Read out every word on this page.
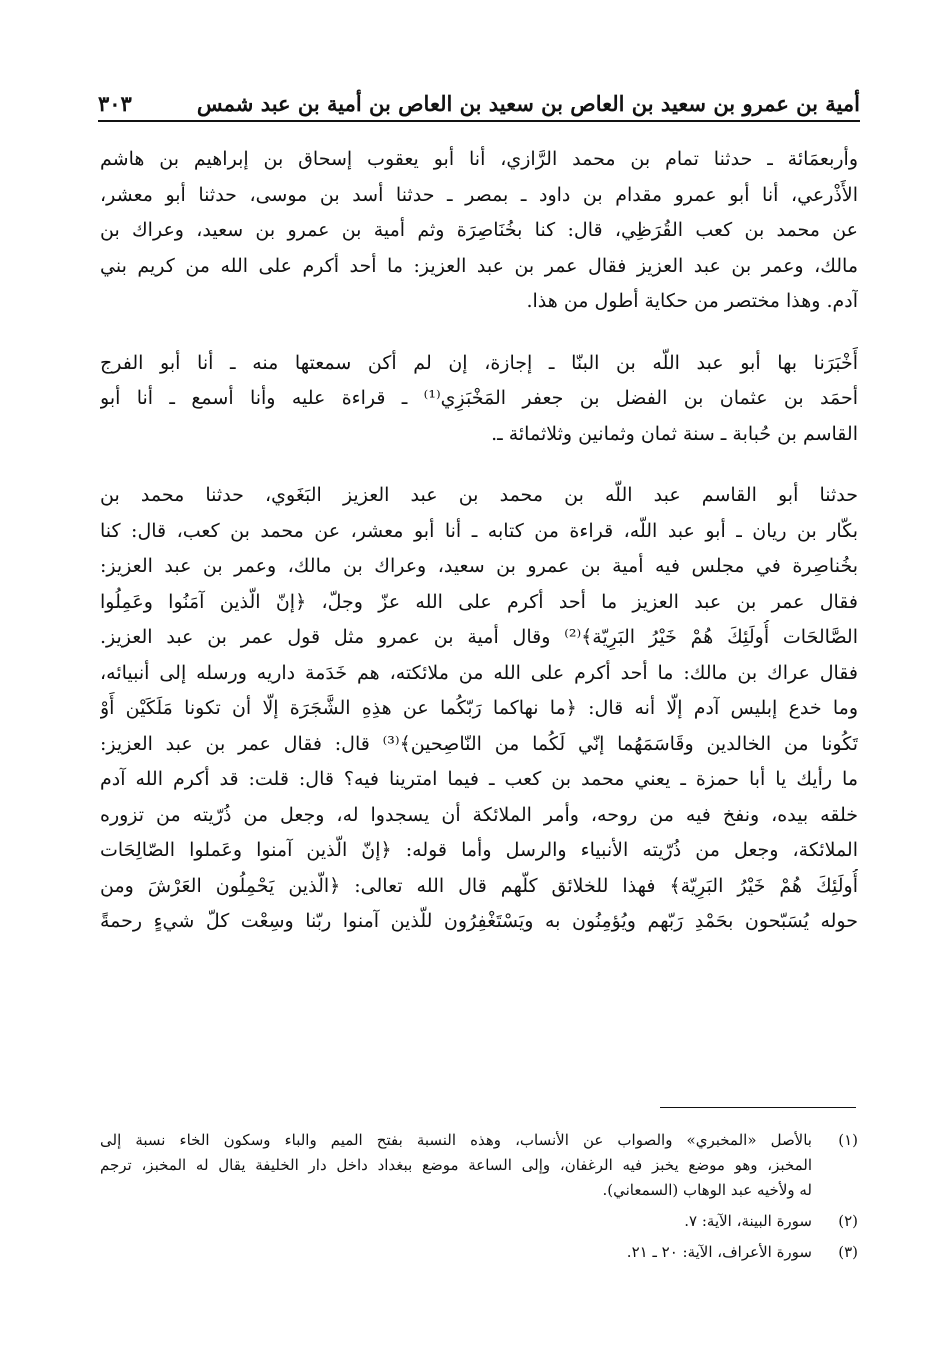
أمية بن عمرو بن سعيد بن العاص بن سعيد بن العاص بن أمية بن عبد شمس
٣٠٣
وأربعمَائة ـ حدثنا تمام بن محمد الرَّازي، أنا أبو يعقوب إسحاق بن إبراهيم بن هاشم
الأَذْرعي، أنا أبو عمرو مقدام بن داود ـ بمصر ـ حدثنا أسد بن موسى، حدثنا أبو معشر،
عن محمد بن كعب القُرَظِي، قال: كنا بخُنَاصِرَة وثم أمية بن عمرو بن سعيد، وعراك بن
مالك، وعمر بن عبد العزيز فقال عمر بن عبد العزيز: ما أحد أكرم على الله من كريم بني
آدم. وهذا مختصر من حكاية أطول من هذا.
أَخْبَرَنا بها أبو عبد اللّه بن البنّا ـ إجازة، إن لم أكن سمعتها منه ـ أنا أبو الفرج
أحمَد بن عثمان بن الفضل بن جعفر المَخْبَزِي⁽¹⁾ ـ قراءة عليه وأنا أسمع ـ أنا أبو
القاسم بن حُبابة ـ سنة ثمان وثمانين وثلاثمائة ـ.
حدثنا أبو القاسم عبد اللّه بن محمد بن عبد العزيز البَغَوي، حدثنا محمد بن
بكّار بن ريان ـ أبو عبد اللّه، قراءة من كتابه ـ أنا أبو معشر، عن محمد بن كعب، قال: كنا
بخُناصِرة في مجلس فيه أمية بن عمرو بن سعيد، وعراك بن مالك، وعمر بن عبد العزيز:
فقال عمر بن عبد العزيز ما أحد أكرم على الله عزّ وجلّ، ﴿إنّ الّذين آمَنُوا وعَمِلُوا
الصَّالحَات أُولَئِكَ هُمْ خَيْرُ البَرِيّة﴾⁽²⁾ وقال أمية بن عمرو مثل قول عمر بن عبد العزيز.
فقال عراك بن مالك: ما أحد أكرم على الله من ملائكته، هم خَدَمة داريه ورسله إلى أنبيائه،
وما خدع إبليس آدم إلّا أنه قال: ﴿ما نهاكما رَبّكُما عن هذِهِ الشَّجَرَة إلّا أن تكونا مَلَكَيْن أَوْ
تَكُونا من الخالدين وقَاسَمَهُما إنّي لَكُما من النّاصِحين﴾⁽³⁾ قال: فقال عمر بن عبد العزيز:
ما رأيك يا أبا حمزة ـ يعني محمد بن كعب ـ فيما امترينا فيه؟ قال: قلت: قد أكرم الله آدم
خلقه بيده، ونفخ فيه من روحه، وأمر الملائكة أن يسجدوا له، وجعل من ذُرّيته من تزوره
الملائكة، وجعل من ذُرّيته الأنبياء والرسل وأما قوله: ﴿إنّ الّذين آمنوا وعَملوا الصّالِحَات
أُولَئِكَ هُمْ خَيْرُ البَرِيّة﴾ فهذا للخلائق كلّهم قال الله تعالى: ﴿الّذين يَحْمِلُون العَرْشَ ومن
حوله يُسَبّحون بحَمْدِ رَبّهم ويُؤمِنُون به ويَسْتَغْفِرُون للّذين آمنوا ربّنا وسِعْت كلّ شيءٍ رحمةً
(١)
بالأصل «المخبري» والصواب عن الأنساب، وهذه النسبة بفتح الميم والباء وسكون الخاء نسبة إلى
المخبز، وهو موضع يخبز فيه الرغفان، وإلى الساعة موضع ببغداد داخل دار الخليفة يقال له المخبز، ترجم
له ولأخيه عبد الوهاب (السمعاني).
(٢)
سورة البينة، الآية: ٧.
(٣)
سورة الأعراف، الآية: ٢٠ ـ ٢١.
